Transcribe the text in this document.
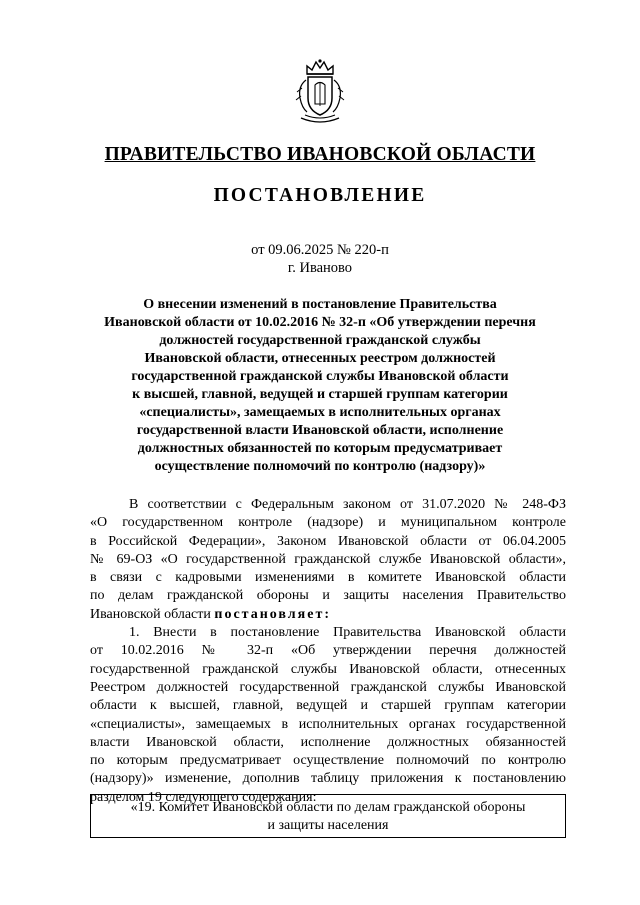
ПРАВИТЕЛЬСТВО ИВАНОВСКОЙ ОБЛАСТИ
ПОСТАНОВЛЕНИЕ
от 09.06.2025 № 220-п
г. Иваново
О внесении изменений в постановление Правительства
Ивановской области от 10.02.2016 № 32-п «Об утверждении перечня
должностей государственной гражданской службы
Ивановской области, отнесенных реестром должностей
государственной гражданской службы Ивановской области
к высшей, главной, ведущей и старшей группам категории
«специалисты», замещаемых в исполнительных органах
государственной власти Ивановской области, исполнение
должностных обязанностей по которым предусматривает
осуществление полномочий по контролю (надзору)»
В соответствии с Федеральным законом от 31.07.2020 № 248-ФЗ
«О государственном контроле (надзоре) и муниципальном контроле
в Российской Федерации», Законом Ивановской области от 06.04.2005
№ 69-ОЗ «О государственной гражданской службе Ивановской области»,
в связи с кадровыми изменениями в комитете Ивановской области
по делам гражданской обороны и защиты населения Правительство
Ивановской области постановляет:
1. Внести в постановление Правительства Ивановской области
от 10.02.2016 № 32-п «Об утверждении перечня должностей
государственной гражданской службы Ивановской области, отнесенных
Реестром должностей государственной гражданской службы Ивановской
области к высшей, главной, ведущей и старшей группам категории
«специалисты», замещаемых в исполнительных органах государственной
власти Ивановской области, исполнение должностных обязанностей
по которым предусматривает осуществление полномочий по контролю
(надзору)» изменение, дополнив таблицу приложения к постановлению
разделом 19 следующего содержания:
«19. Комитет Ивановской области по делам гражданской обороны
и защиты населения
